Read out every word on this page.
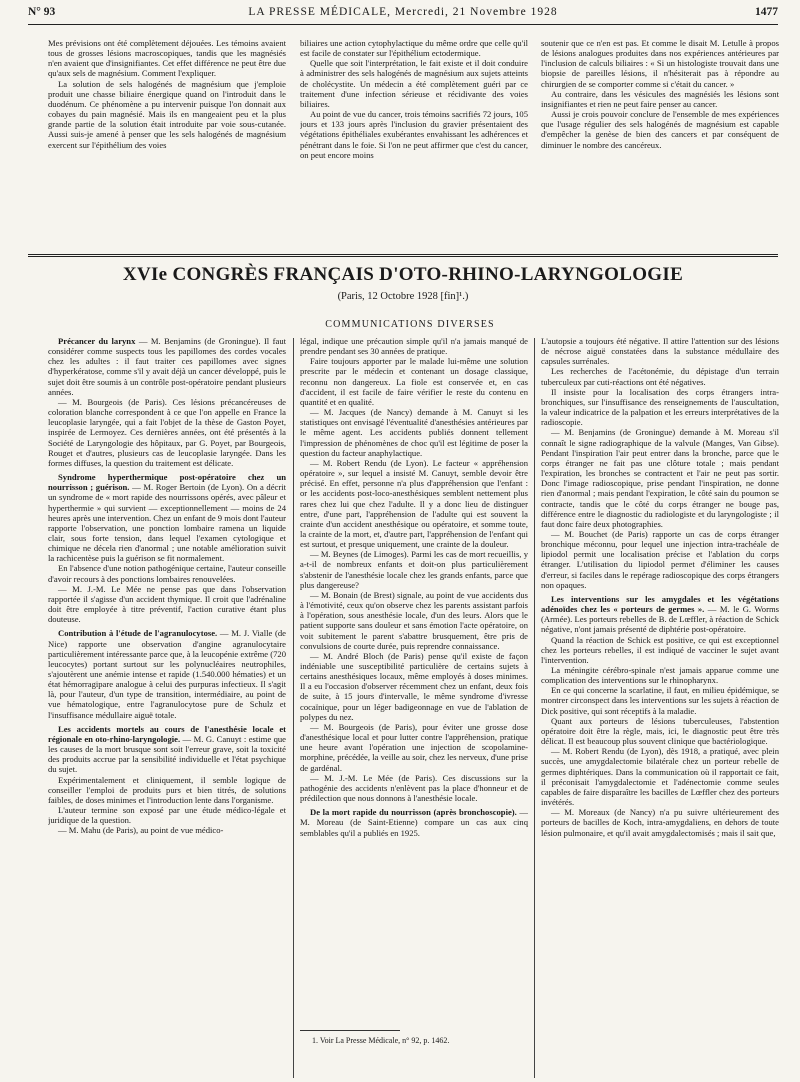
N° 93	LA PRESSE MÉDICALE, Mercredi, 21 Novembre 1928	1477

Mes prévisions ont été complètement déjouées. Les témoins avaient tous de grosses lésions macroscopiques, tandis que les magnésiés n'en avaient que d'insignifiantes. Cet effet différence ne peut être due qu'aux sels de magnésium. Comment l'expliquer.

La solution de sels halogénés de magnésium que j'emploie produit une chasse biliaire énergique quand on l'introduit dans le duodénum. Ce phénomène a pu intervenir puisque l'on donnait aux cobayes du pain magnésié. Mais ils en mangeaient peu et la plus grande partie de la solution était introduite par voie sous-cutanée. Aussi suis-je amené à penser que les sels halogénés de magnésium exercent sur l'épithélium des voies

biliaires une action cytophylactique du même ordre que celle qu'il est facile de constater sur l'épithélium ectodermique.

Quelle que soit l'interprétation, le fait existe et il doit conduire à administrer des sels halogénés de magnésium aux sujets atteints de cholécystite. Un médecin a été complètement guéri par ce traitement d'une infection sérieuse et récidivante des voies biliaires.

Au point de vue du cancer, trois témoins sacrifiés 72 jours, 105 jours et 133 jours après l'inclusion du gravier présentaient des végétations épithéliales exubérantes envahissant les adhérences et pénétrant dans le foie. Si l'on ne peut affirmer que c'est du cancer, on peut encore moins

soutenir que ce n'en est pas. Et comme le disait M. Letulle à propos de lésions analogues produites dans nos expériences antérieures par l'inclusion de calculs biliaires : « Si un histologiste trouvait dans une biopsie de pareilles lésions, il n'hésiterait pas à répondre au chirurgien de se comporter comme si c'était du cancer. »

Au contraire, dans les vésicules des magnésiés les lésions sont insignifiantes et rien ne peut faire penser au cancer.

Aussi je crois pouvoir conclure de l'ensemble de mes expériences que l'usage régulier des sels halogénés de magnésium est capable d'empêcher la genèse de bien des cancers et par conséquent de diminuer le nombre des cancéreux.

XVIe CONGRÈS FRANÇAIS D'OTO-RHINO-LARYNGOLOGIE
(Paris, 12 Octobre 1928 [fin]¹.)
COMMUNICATIONS DIVERSES

Précancer du larynx — M. Benjamins (de Groningue). Il faut considérer comme suspects tous les papillomes des cordes vocales chez les adultes : il faut traiter ces papillomes avec signes d'hyperkératose, comme s'il y avait déjà un cancer développé, puis le sujet doit être soumis à un contrôle post-opératoire pendant plusieurs années.

— M. Bourgeois (de Paris). Ces lésions précancéreuses de coloration blanche correspondent à ce que l'on appelle en France la leucoplasie laryngée, qui a fait l'objet de la thèse de Gaston Poyet, inspirée de Lermoyez. Ces dernières années, ont été présentés à la Société de Laryngologie des hôpitaux, par G. Poyet, par Bourgeois, Rouget et d'autres, plusieurs cas de leucoplasie laryngée. Dans les formes diffuses, la question du traitement est délicate.

Syndrome hyperthermique post-opératoire chez un nourrisson ; guérison. — M. Roger Bertoin (de Lyon). On a décrit un syndrome de « mort rapide des nourrissons opérés, avec pâleur et hyperthermie » qui survient — exceptionnellement — moins de 24 heures après une intervention. Chez un enfant de 9 mois dont l'auteur rapporte l'observation, une ponction lombaire ramena un liquide clair, sous forte tension, dans lequel l'examen cytologique et chimique ne décela rien d'anormal ; une notable amélioration suivit la rachicentèse puis la guérison se fit normalement.

En l'absence d'une notion pathogénique certaine, l'auteur conseille d'avoir recours à des ponctions lombaires renouvelées.

— M. J.-M. Le Mée ne pense pas que dans l'observation rapportée il s'agisse d'un accident thymique. Il croit que l'adrénaline doit être employée à titre préventif, l'action curative étant plus douteuse.

Contribution à l'étude de l'agranulocytose. — M. J. Vialle (de Nice) rapporte une observation d'angine agranulocytaire particulièrement intéressante parce que, à la leucopénie extrême (720 leucocytes) portant surtout sur les polynucléaires neutrophiles, s'ajoutèrent une anémie intense et rapide (1.540.000 hématies) et un état hémorragipare analogue à celui des purpuras infectieux. Il s'agit là, pour l'auteur, d'un type de transition, intermédiaire, au point de vue hématologique, entre l'agranulocytose pure de Schulz et l'insuffisance médullaire aiguë totale.

Les accidents mortels au cours de l'anesthésie locale et régionale en oto-rhino-laryngologie. — M. G. Canuyt : estime que les causes de la mort brusque sont soit l'erreur grave, soit la toxicité des produits accrue par la sensibilité individuelle et l'état psychique du sujet.

Expérimentalement et cliniquement, il semble logique de conseiller l'emploi de produits purs et bien titrés, de solutions faibles, de doses minimes et l'introduction lente dans l'organisme.

L'auteur termine son exposé par une étude médico-légale et juridique de la question.

— M. Mahu (de Paris), au point de vue médico-

légal, indique une précaution simple qu'il n'a jamais manqué de prendre pendant ses 30 années de pratique.

Faire toujours apporter par le malade lui-même une solution prescrite par le médecin et contenant un dosage classique, reconnu non dangereux. La fiole est conservée et, en cas d'accident, il est facile de faire vérifier le reste du contenu en quantité et en qualité.

— M. Jacques (de Nancy) demande à M. Canuyt si les statistiques ont envisagé l'éventualité d'anesthésies antérieures par le même agent. Les accidents publiés donnent tellement l'impression de phénomènes de choc qu'il est légitime de poser la question du facteur anaphylactique.

— M. Robert Rendu (de Lyon). Le facteur « appréhension opératoire », sur lequel a insisté M. Canuyt, semble devoir être précisé. En effet, personne n'a plus d'appréhension que l'enfant : or les accidents post-loco-anesthésiques semblent nettement plus rares chez lui que chez l'adulte. Il y a donc lieu de distinguer entre, d'une part, l'appréhension de l'adulte qui est souvent la crainte d'un accident anesthésique ou opératoire, et somme toute, la crainte de la mort, et, d'autre part, l'appréhension de l'enfant qui est surtout, et presque uniquement, une crainte de la douleur.

— M. Beynes (de Limoges). Parmi les cas de mort recueillis, y a-t-il de nombreux enfants et doit-on plus particulièrement s'abstenir de l'anesthésie locale chez les grands enfants, parce que plus dangereuse?

— M. Bonain (de Brest) signale, au point de vue accidents dus à l'émotivité, ceux qu'on observe chez les parents assistant parfois à l'opération, sous anesthésie locale, d'un des leurs. Alors que le patient supporte sans douleur et sans émotion l'acte opératoire, on voit subitement le parent s'abattre brusquement, être pris de convulsions de courte durée, puis reprendre connaissance.

— M. André Bloch (de Paris) pense qu'il existe de façon indéniable une susceptibilité particulière de certains sujets à certains anesthésiques locaux, même employés à doses minimes. Il a eu l'occasion d'observer récemment chez un enfant, deux fois de suite, à 15 jours d'intervalle, le même syndrome d'ivresse cocaïnique, pour un léger badigeonnage en vue de l'ablation de polypes du nez.

— M. Bourgeois (de Paris), pour éviter une grosse dose d'anesthésique local et pour lutter contre l'appréhension, pratique une heure avant l'opération une injection de scopolamine-morphine, précédée, la veille au soir, chez les nerveux, d'une prise de gardénal.

— M. J.-M. Le Mée (de Paris). Ces discussions sur la pathogénie des accidents n'enlèvent pas la place d'honneur et de prédilection que nous donnons à l'anesthésie locale.

De la mort rapide du nourrisson (après bronchoscopie). — M. Moreau (de Saint-Etienne) compare un cas aux cinq semblables qu'il a publiés en 1925.

L'autopsie a toujours été négative. Il attire l'attention sur des lésions de nécrose aiguë constatées dans la substance médullaire des capsules surrénales.

Les recherches de l'acétonémie, du dépistage d'un terrain tuberculeux par cuti-réactions ont été négatives.

Il insiste pour la localisation des corps étrangers intra-bronchiques, sur l'insuffisance des renseignements de l'auscultation, la valeur indicatrice de la palpation et les erreurs interprétatives de la radioscopie.

— M. Benjamins (de Groningue) demande à M. Moreau s'il connaît le signe radiographique de la valvule (Manges, Van Gibse). Pendant l'inspiration l'air peut entrer dans la bronche, parce que le corps étranger ne fait pas une clôture totale ; mais pendant l'expiration, les bronches se contractent et l'air ne peut pas sortir. Donc l'image radioscopique, prise pendant l'inspiration, ne donne rien d'anormal ; mais pendant l'expiration, le côté sain du poumon se contracte, tandis que le côté du corps étranger ne bouge pas, différence entre le diagnostic du radiologiste et du laryngologiste ; il faut donc faire deux photographies.

— M. Bouchet (de Paris) rapporte un cas de corps étranger bronchique méconnu, pour lequel une injection intra-trachéale de lipiodol permit une localisation précise et l'ablation du corps étranger. L'utilisation du lipiodol permet d'éliminer les causes d'erreur, si faciles dans le repérage radioscopique des corps étrangers non opaques.

Les interventions sur les amygdales et les végétations adénoïdes chez les « porteurs de germes ». — M. le G. Worms (Armée). Les porteurs rebelles de B. de Lœffler, à réaction de Schick négative, n'ont jamais présenté de diphtérie post-opératoire.

Quand la réaction de Schick est positive, ce qui est exceptionnel chez les porteurs rebelles, il est indiqué de vacciner le sujet avant l'intervention.

La méningite cérébro-spinale n'est jamais apparue comme une complication des interventions sur le rhinopharynx.

En ce qui concerne la scarlatine, il faut, en milieu épidémique, se montrer circonspect dans les interventions sur les sujets à réaction de Dick positive, qui sont réceptifs à la maladie.

Quant aux porteurs de lésions tuberculeuses, l'abstention opératoire doit être la règle, mais, ici, le diagnostic peut être très délicat. Il est beaucoup plus souvent clinique que bactériologique.

— M. Robert Rendu (de Lyon), dès 1918, a pratiqué, avec plein succès, une amygdalectomie bilatérale chez un porteur rebelle de germes diphtériques. Dans la communication où il rapportait ce fait, il préconisait l'amygdalectomie et l'adénectomie comme seules capables de faire disparaître les bacilles de Lœffler chez des porteurs invétérés.

— M. Moreaux (de Nancy) n'a pu suivre ultérieurement des porteurs de bacilles de Koch, intra-amygdaliens, en dehors de toute lésion pulmonaire, et qu'il avait amygdalectomisés ; mais il sait que,

1. Voir La Presse Médicale, n° 92, p. 1462.
